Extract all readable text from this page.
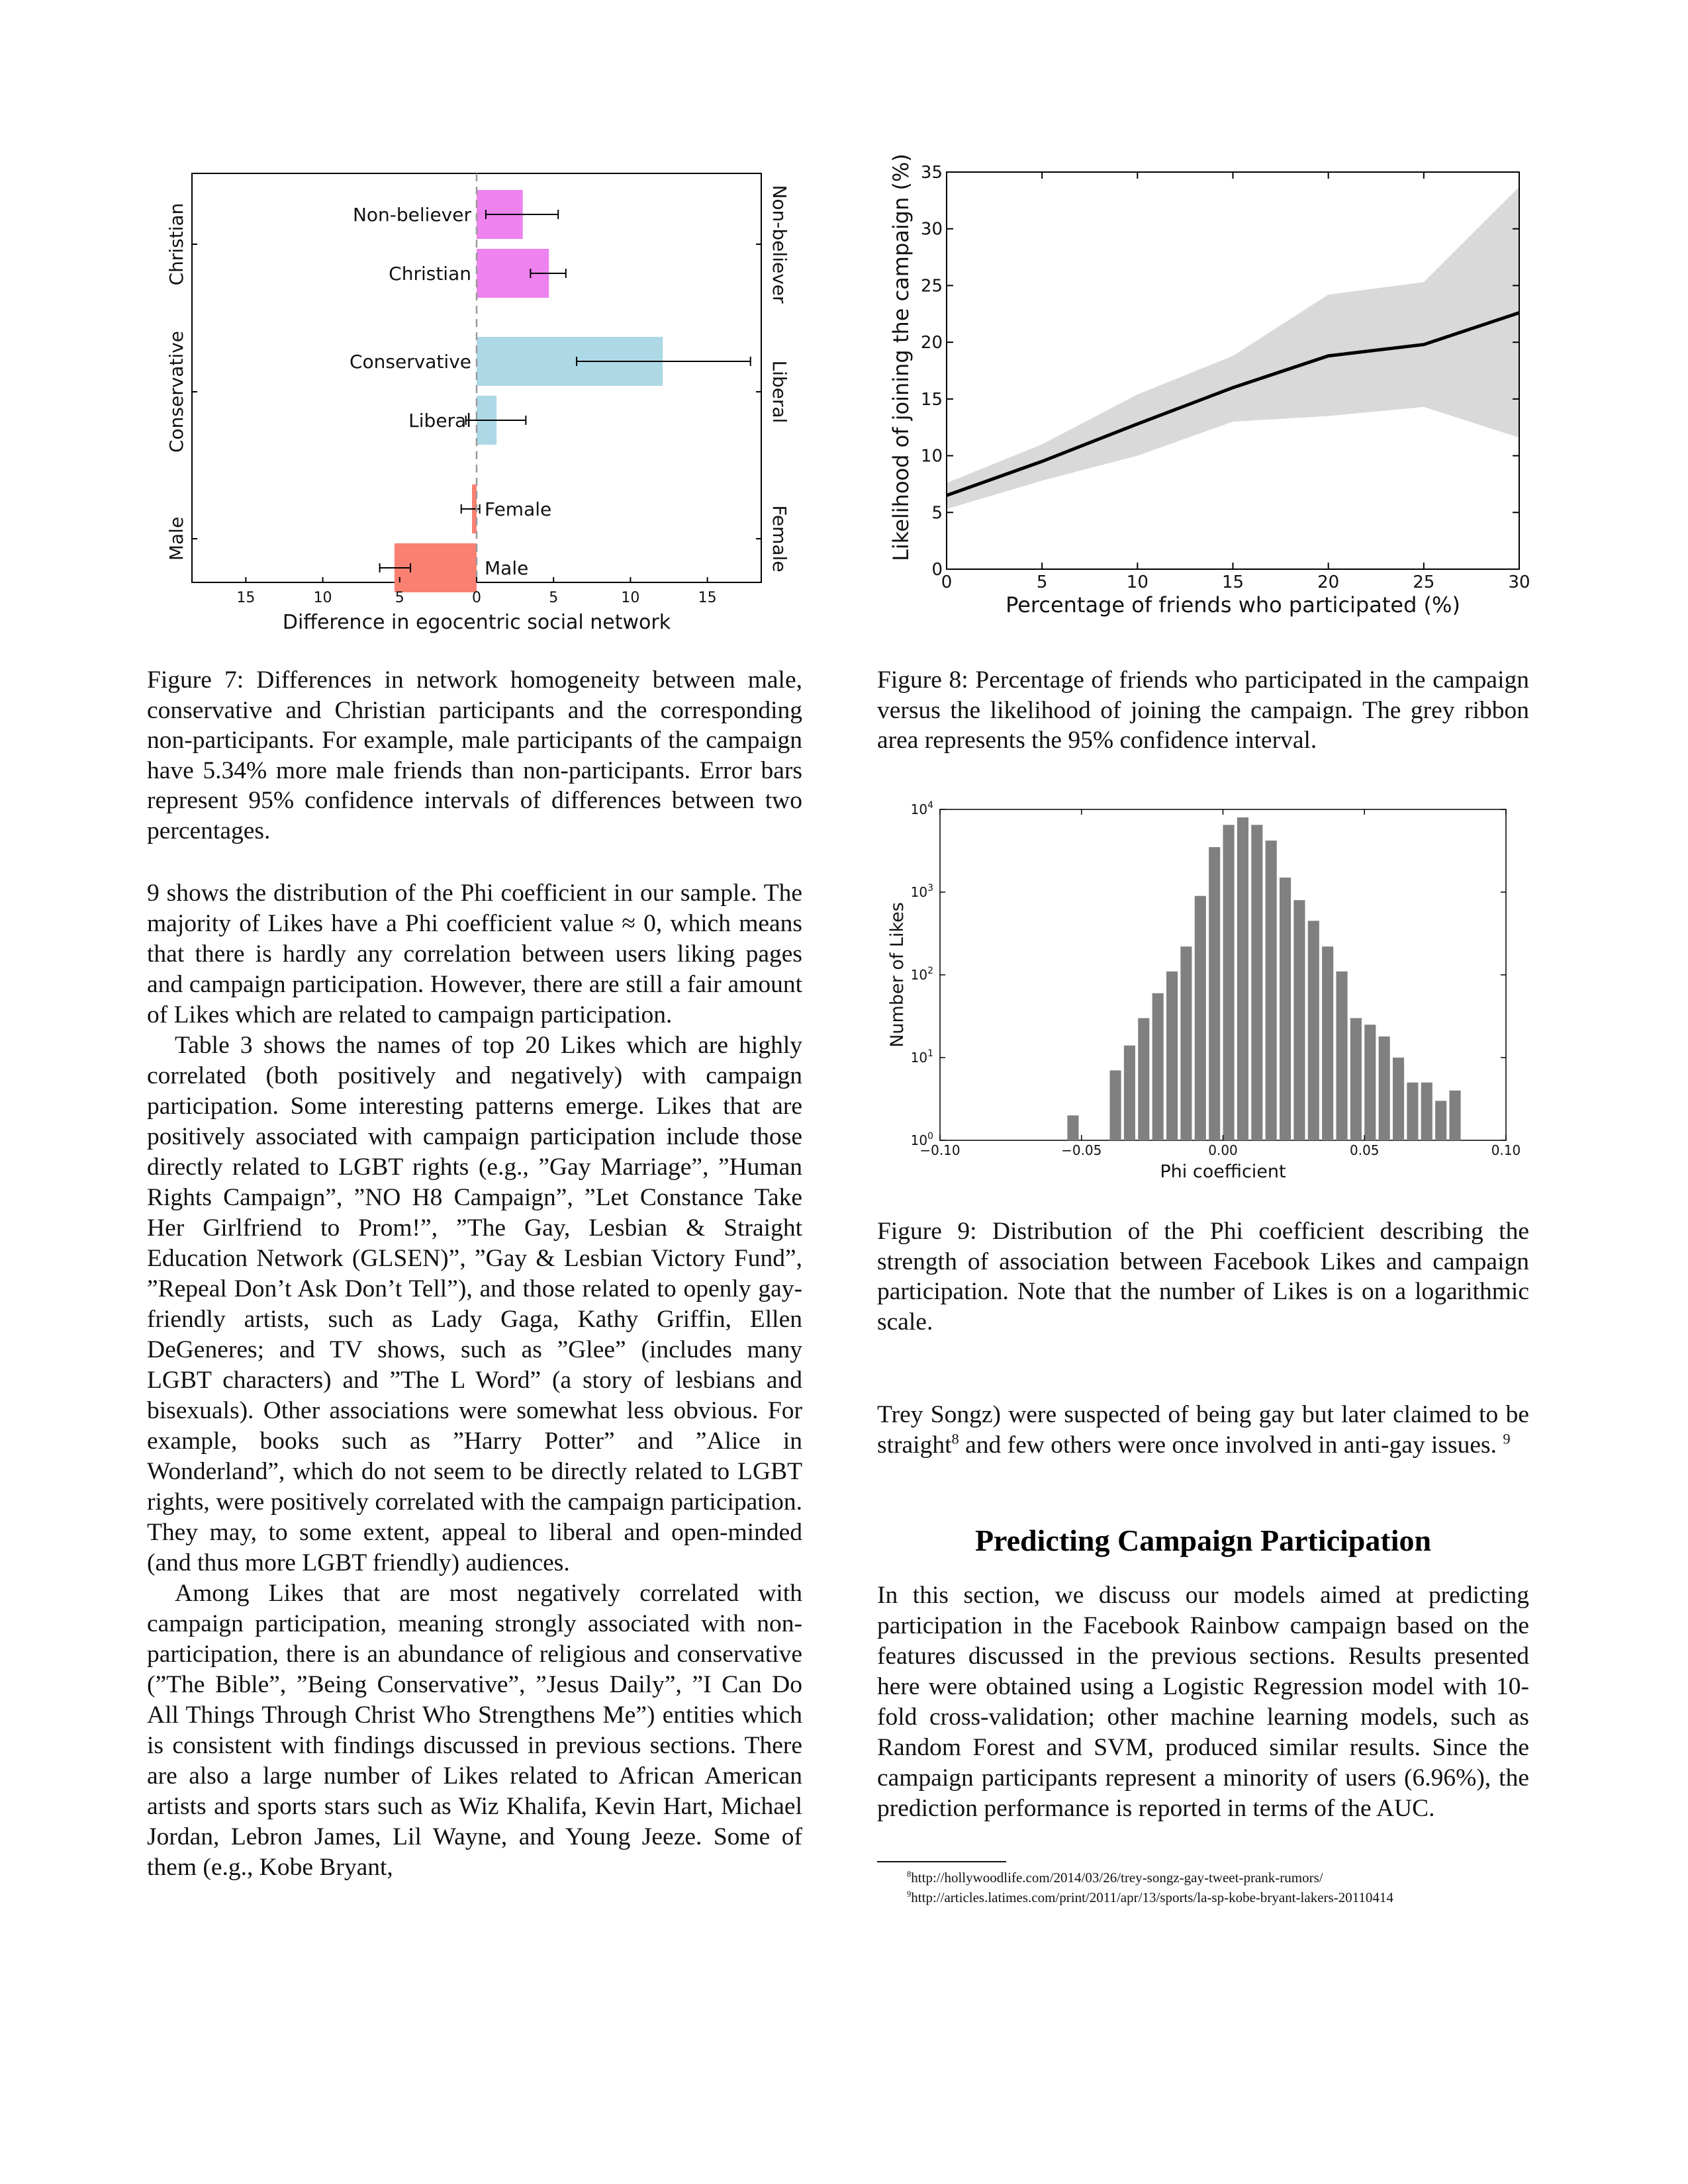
Non-believer
Christian
Conservative
Liberal
Female
Male
15	10	5	0	5	10	15
Difference in egocentric social network
Christian
Conservative
Male
Non-believer
Liberal
Female
Figure 7: Differences in network homogeneity between male, conservative and Christian participants and the corresponding non-participants. For example, male participants of the campaign have 5.34% more male friends than non-participants. Error bars represent 95% confidence intervals of differences between two percentages.
0	5	10	15	20	25	30
0
5
10
15
20
25
30
35
Percentage of friends who participated (%)
Likelihood of joining the campaign (%)
Figure 8: Percentage of friends who participated in the campaign versus the likelihood of joining the campaign. The grey ribbon area represents the 95% confidence interval.
−0.10	−0.05	0.00	0.05	0.10
$10^0$
$10^1$
$10^2$
$10^3$
$10^4$
Phi coefficient
Number of Likes
Figure 9: Distribution of the Phi coefficient describing the strength of association between Facebook Likes and campaign participation. Note that the number of Likes is on a logarithmic scale.

9 shows the distribution of the Phi coefficient in our sample. The majority of Likes have a Phi coefficient value ≈ 0, which means that there is hardly any correlation between users liking pages and campaign participation. However, there are still a fair amount of Likes which are related to campaign participation.

Table 3 shows the names of top 20 Likes which are highly correlated (both positively and negatively) with campaign participation. Some interesting patterns emerge. Likes that are positively associated with campaign participation include those directly related to LGBT rights (e.g., ”Gay Marriage”, ”Human Rights Campaign”, ”NO H8 Campaign”, ”Let Constance Take Her Girlfriend to Prom!”, ”The Gay, Lesbian & Straight Education Network (GLSEN)”, ”Gay & Lesbian Victory Fund”, ”Repeal Don’t Ask Don’t Tell”), and those related to openly gay-friendly artists, such as Lady Gaga, Kathy Griffin, Ellen DeGeneres; and TV shows, such as ”Glee” (includes many LGBT characters) and ”The L Word” (a story of lesbians and bisexuals). Other associations were somewhat less obvious. For example, books such as ”Harry Potter” and ”Alice in Wonderland”, which do not seem to be directly related to LGBT rights, were positively correlated with the campaign participation. They may, to some extent, appeal to liberal and open-minded (and thus more LGBT friendly) audiences.

Among Likes that are most negatively correlated with campaign participation, meaning strongly associated with non-participation, there is an abundance of religious and conservative (”The Bible”, ”Being Conservative”, ”Jesus Daily”, ”I Can Do All Things Through Christ Who Strengthens Me”) entities which is consistent with findings discussed in previous sections. There are also a large number of Likes related to African American artists and sports stars such as Wiz Khalifa, Kevin Hart, Michael Jordan, Lebron James, Lil Wayne, and Young Jeeze. Some of them (e.g., Kobe Bryant,

Trey Songz) were suspected of being gay but later claimed to be straight$^8$ and few others were once involved in anti-gay issues. $^9$

Predicting Campaign Participation

In this section, we discuss our models aimed at predicting participation in the Facebook Rainbow campaign based on the features discussed in the previous sections. Results presented here were obtained using a Logistic Regression model with 10-fold cross-validation; other machine learning models, such as Random Forest and SVM, produced similar results. Since the campaign participants represent a minority of users (6.96%), the prediction performance is reported in terms of the AUC.

$^8$http://hollywoodlife.com/2014/03/26/trey-songz-gay-tweet-prank-rumors/
$^9$http://articles.latimes.com/print/2011/apr/13/sports/la-sp-kobe-bryant-lakers-20110414
